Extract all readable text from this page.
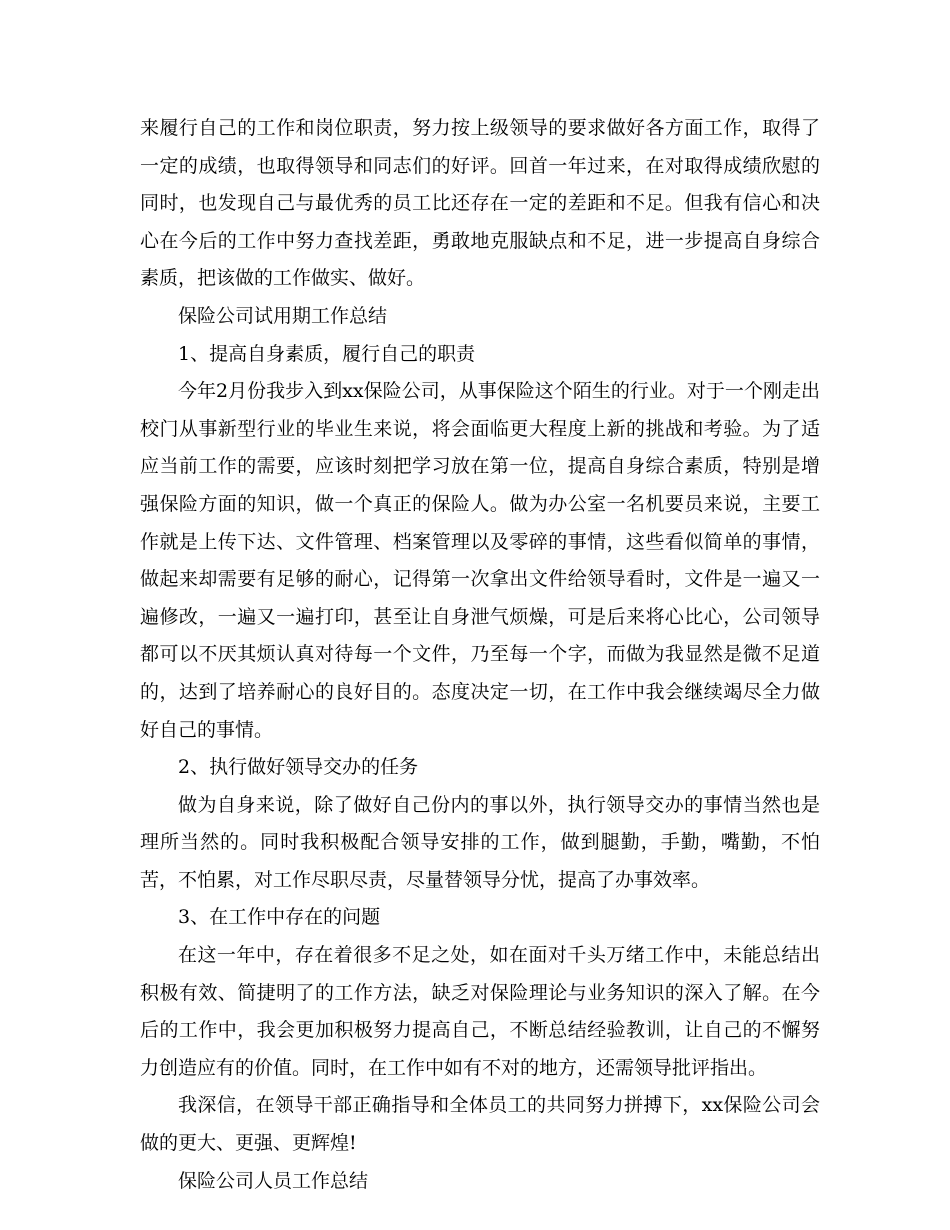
来履行自己的工作和岗位职责，努力按上级领导的要求做好各方面工作，取得了一定的成绩，也取得领导和同志们的好评。回首一年过来，在对取得成绩欣慰的同时，也发现自己与最优秀的员工比还存在一定的差距和不足。但我有信心和决心在今后的工作中努力查找差距，勇敢地克服缺点和不足，进一步提高自身综合素质，把该做的工作做实、做好。

保险公司试用期工作总结

1、提高自身素质，履行自己的职责

今年2月份我步入到xx保险公司，从事保险这个陌生的行业。对于一个刚走出校门从事新型行业的毕业生来说，将会面临更大程度上新的挑战和考验。为了适应当前工作的需要，应该时刻把学习放在第一位，提高自身综合素质，特别是增强保险方面的知识，做一个真正的保险人。做为办公室一名机要员来说，主要工作就是上传下达、文件管理、档案管理以及零碎的事情，这些看似简单的事情，做起来却需要有足够的耐心，记得第一次拿出文件给领导看时，文件是一遍又一遍修改，一遍又一遍打印，甚至让自身泄气烦燥，可是后来将心比心，公司领导都可以不厌其烦认真对待每一个文件，乃至每一个字，而做为我显然是微不足道的，达到了培养耐心的良好目的。态度决定一切，在工作中我会继续竭尽全力做好自己的事情。

2、执行做好领导交办的任务

做为自身来说，除了做好自己份内的事以外，执行领导交办的事情当然也是理所当然的。同时我积极配合领导安排的工作，做到腿勤，手勤，嘴勤，不怕苦，不怕累，对工作尽职尽责，尽量替领导分忧，提高了办事效率。

3、在工作中存在的问题

在这一年中，存在着很多不足之处，如在面对千头万绪工作中，未能总结出积极有效、简捷明了的工作方法，缺乏对保险理论与业务知识的深入了解。在今后的工作中，我会更加积极努力提高自己，不断总结经验教训，让自己的不懈努力创造应有的价值。同时，在工作中如有不对的地方，还需领导批评指出。

我深信，在领导干部正确指导和全体员工的共同努力拼搏下，xx保险公司会做的更大、更强、更辉煌!

保险公司人员工作总结
